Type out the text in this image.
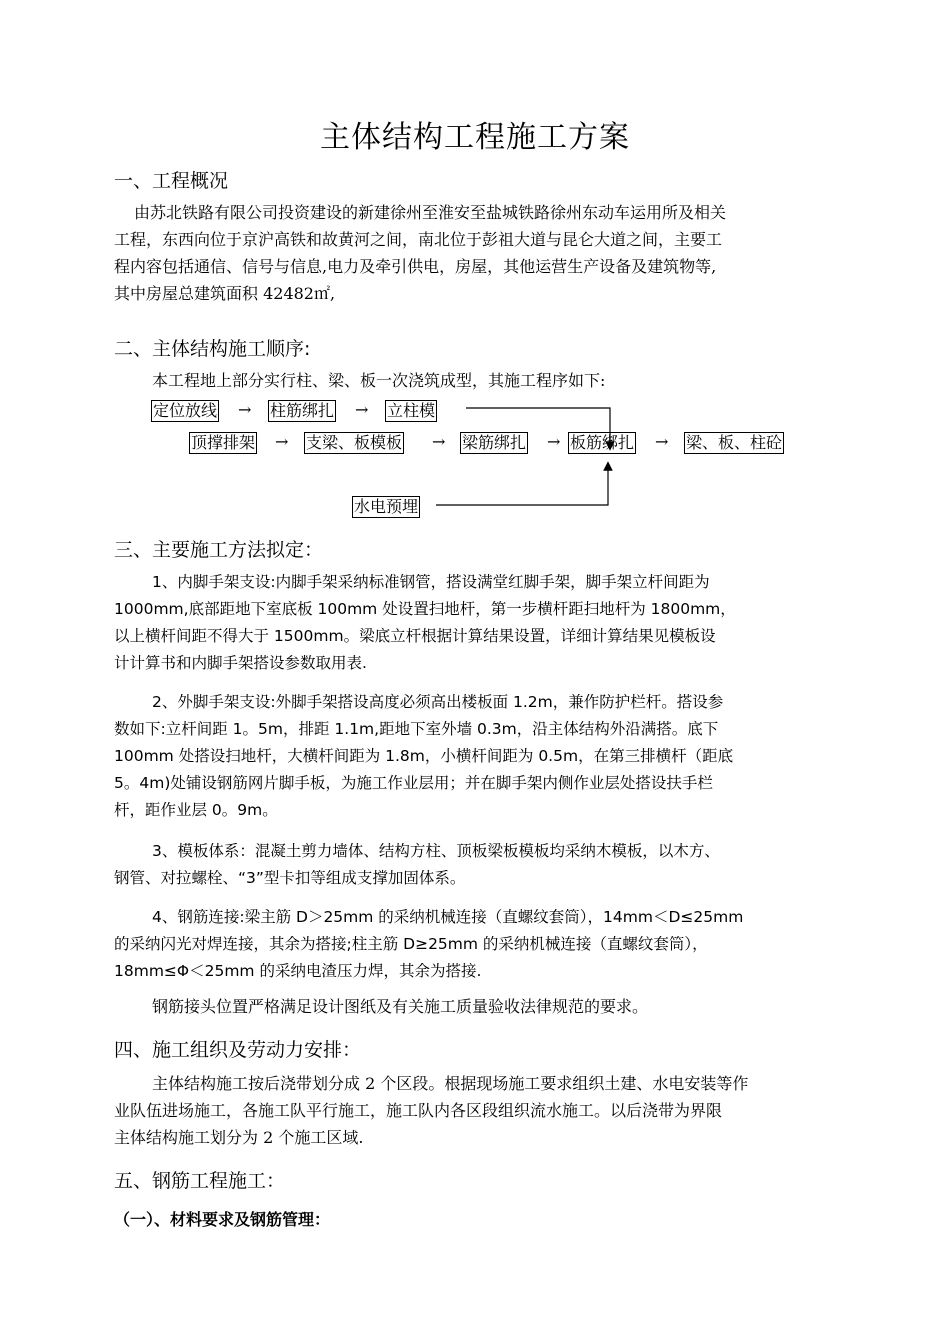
主体结构工程施工方案
一、工程概况
由苏北铁路有限公司投资建设的新建徐州至淮安至盐城铁路徐州东动车运用所及相关
工程，东西向位于京沪高铁和故黄河之间，南北位于彭祖大道与昆仑大道之间，主要工
程内容包括通信、信号与信息,电力及牵引供电，房屋，其他运营生产设备及建筑物等,
其中房屋总建筑面积 42482㎡,
二、主体结构施工顺序:
本工程地上部分实行柱、梁、板一次浇筑成型，其施工程序如下:
定位放线 → 柱筋绑扎 → 立柱模
顶撑排架 → 支梁、板模板 → 梁筋绑扎 → 板筋绑扎 → 梁、板、柱砼
水电预埋
三、主要施工方法拟定：
1、内脚手架支设:内脚手架采纳标准钢管，搭设满堂红脚手架，脚手架立杆间距为
1000mm,底部距地下室底板 100mm 处设置扫地杆，第一步横杆距扫地杆为 1800mm，
以上横杆间距不得大于 1500mm。梁底立杆根据计算结果设置，详细计算结果见模板设
计计算书和内脚手架搭设参数取用表.
2、外脚手架支设:外脚手架搭设高度必须高出楼板面 1.2m，兼作防护栏杆。搭设参
数如下:立杆间距 1。5m，排距 1.1m,距地下室外墙 0.3m，沿主体结构外沿满搭。底下
100mm 处搭设扫地杆，大横杆间距为 1.8m，小横杆间距为 0.5m，在第三排横杆（距底
5。4m)处铺设钢筋网片脚手板，为施工作业层用；并在脚手架内侧作业层处搭设扶手栏
杆，距作业层 0。9m。
3、模板体系：混凝土剪力墙体、结构方柱、顶板梁板模板均采纳木模板，以木方、
钢管、对拉螺栓、“3”型卡扣等组成支撑加固体系。
4、钢筋连接:梁主筋 D＞25mm 的采纳机械连接（直螺纹套筒），14mm＜D≤25mm
的采纳闪光对焊连接，其余为搭接;柱主筋 D≥25mm 的采纳机械连接（直螺纹套筒），
18mm≤Φ＜25mm 的采纳电渣压力焊，其余为搭接.
钢筋接头位置严格满足设计图纸及有关施工质量验收法律规范的要求。
四、施工组织及劳动力安排：
主体结构施工按后浇带划分成 2 个区段。根据现场施工要求组织土建、水电安装等作
业队伍进场施工，各施工队平行施工，施工队内各区段组织流水施工。以后浇带为界限
主体结构施工划分为 2 个施工区域.
五、钢筋工程施工：
（一）、材料要求及钢筋管理：
